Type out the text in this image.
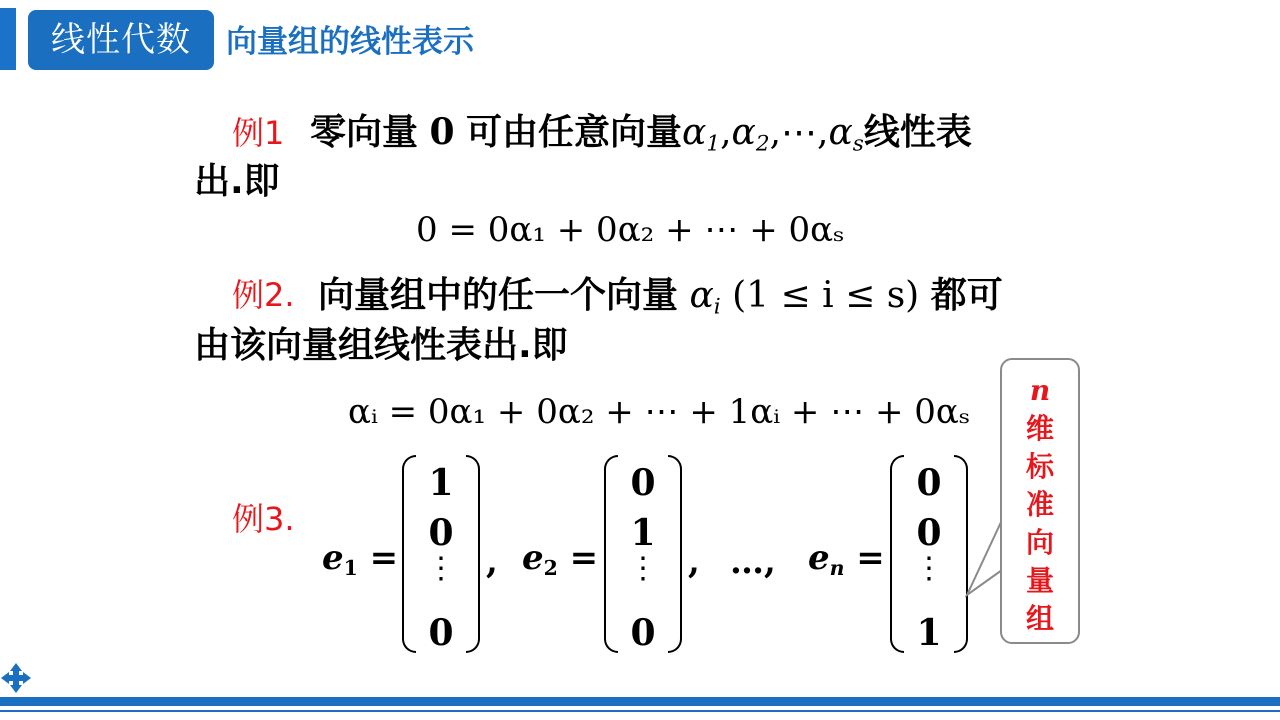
线性代数	向量组的线性表示
例1 零向量 0 可由任意向量$\alpha_1,\alpha_2,\cdots,\alpha_s$线性表
出.即
0 = 0α₁ + 0α₂ + ⋯ + 0αₛ
例2. 向量组中的任一个向量 $\alpha_i$ (1 ≤ i ≤ s) 都可
由该向量组线性表出.即
αᵢ = 0α₁ + 0α₂ + ⋯ + 1αᵢ + ⋯ + 0αₛ
例3.
$e_1$ =
1
0
⋮
0
, $e_2$ =
0
1
⋮
0
, …, $e_n$ =
0
0
⋮
1
n
维
标
准
向
量
组
